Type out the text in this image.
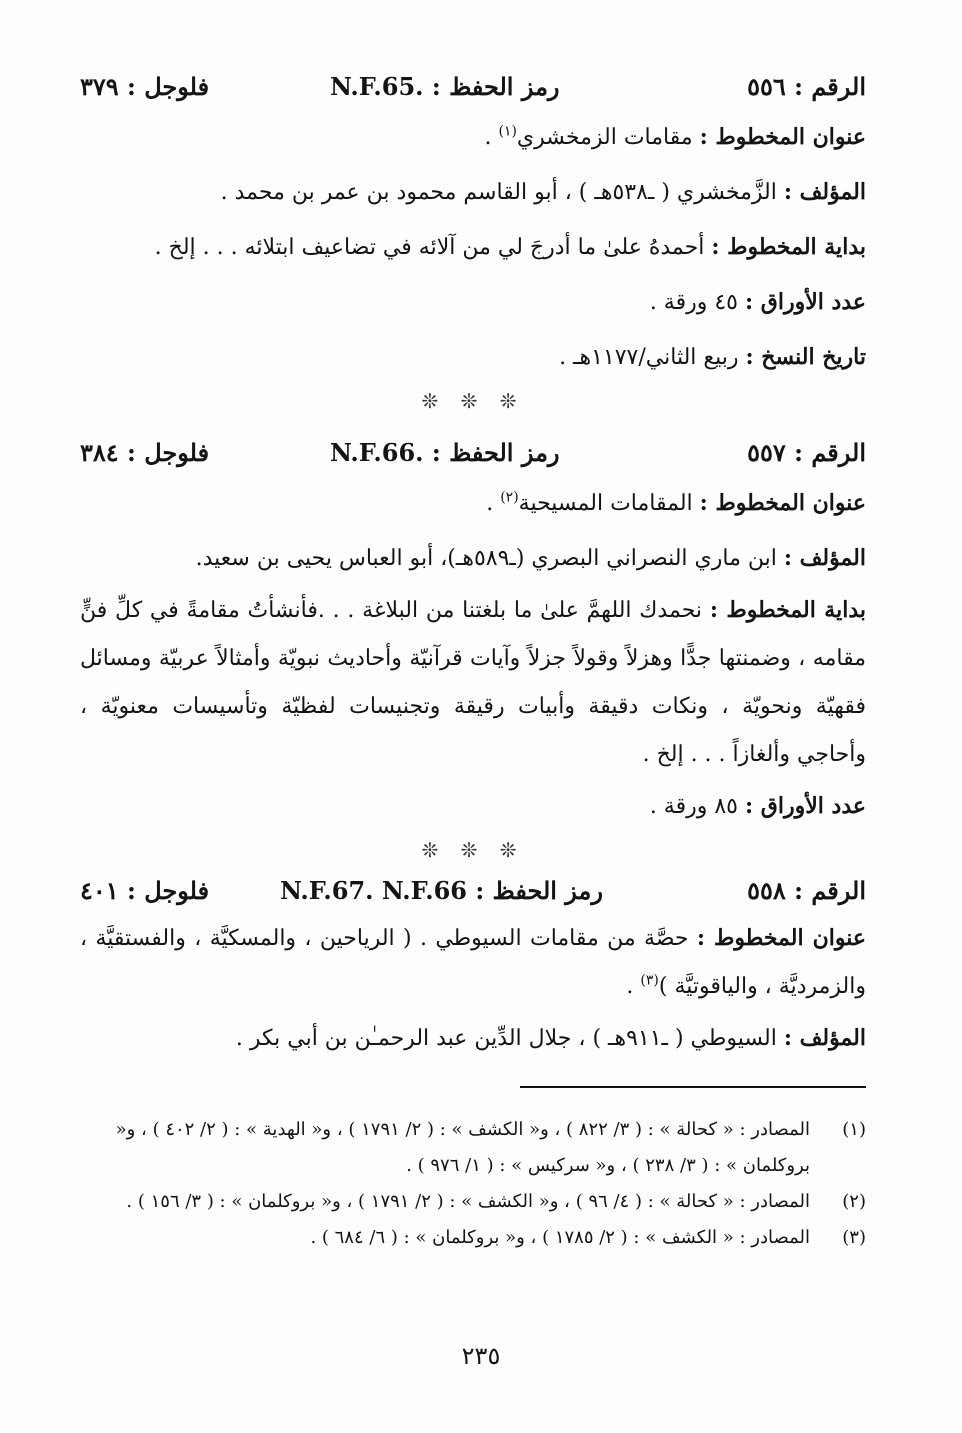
الرقم : ٥٥٦
رمز الحفظ : N.F.65.
فلوجل : ٣٧٩
عنوان المخطوط : مقامات الزمخشري$^{(١)}$ .
المؤلف : الزَّمخشري ( ـ٥٣٨هـ ) ، أبو القاسم محمود بن عمر بن محمد .
بداية المخطوط : أحمدهُ علىٰ ما أدرجَ لي من آلائه في تضاعيف ابتلائه . . . إلخ .
عدد الأوراق : ٤٥ ورقة .
تاريخ النسخ : ربيع الثاني/١١٧٧هـ .
❊ ❊ ❊
الرقم : ٥٥٧
رمز الحفظ : N.F.66.
فلوجل : ٣٨٤
عنوان المخطوط : المقامات المسيحية$^{(٢)}$ .
المؤلف : ابن ماري النصراني البصري (ـ٥٨٩هـ)، أبو العباس يحيى بن سعيد.
بداية المخطوط : نحمدك اللهمَّ علىٰ ما بلغتنا من البلاغة . . .فأنشأتُ مقامةً في كلِّ فنٍّ مقامه ، وضمنتها جدًّا وهزلاً وقولاً جزلاً وآيات قرآنيّة وأحاديث نبويّة وأمثالاً عربيّة ومسائل فقهيّة ونحويّة ، ونكات دقيقة وأبيات رقيقة وتجنيسات لفظيّة وتأسيسات معنويّة ، وأحاجي وألغازاً . . . إلخ .
عدد الأوراق : ٨٥ ورقة .
❊ ❊ ❊
الرقم : ٥٥٨
رمز الحفظ : N.F.67. N.F.66
فلوجل : ٤٠١
عنوان المخطوط : حصَّة من مقامات السيوطي . ( الرياحين ، والمسكيَّة ، والفستقيَّة ، والزمرديَّة ، والياقوتيَّة )$^{(٣)}$ .
المؤلف : السيوطي ( ـ٩١١هـ ) ، جلال الدِّين عبد الرحمـٰن بن أبي بكر .
(١)
المصادر : « كحالة » : ( ٣/ ٨٢٢ ) ، و« الكشف » : ( ٢/ ١٧٩١ ) ، و« الهدية » : ( ٢/ ٤٠٢ ) ، و« بروكلمان » : ( ٣/ ٢٣٨ ) ، و« سركيس » : ( ١/ ٩٧٦ ) .
(٢)
المصادر : « كحالة » : ( ٤/ ٩٦ ) ، و« الكشف » : ( ٢/ ١٧٩١ ) ، و« بروكلمان » : ( ٣/ ١٥٦ ) .
(٣)
المصادر : « الكشف » : ( ٢/ ١٧٨٥ ) ، و« بروكلمان » : ( ٦/ ٦٨٤ ) .
٢٣٥
